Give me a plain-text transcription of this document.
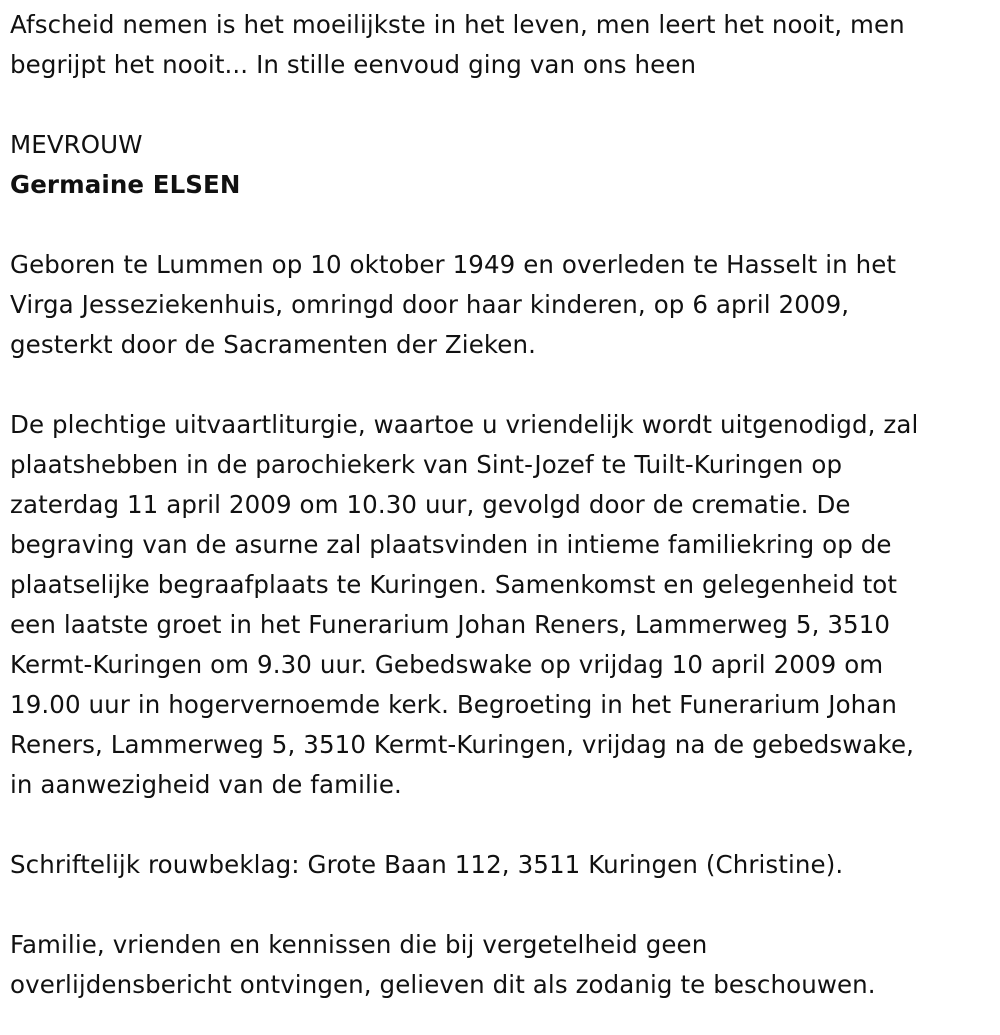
Afscheid nemen is het moeilijkste in het leven, men leert het nooit, men
begrijpt het nooit... In stille eenvoud ging van ons heen
MEVROUW
Germaine ELSEN
Geboren te Lummen op 10 oktober 1949 en overleden te Hasselt in het
Virga Jesseziekenhuis, omringd door haar kinderen, op 6 april 2009,
gesterkt door de Sacramenten der Zieken.
De plechtige uitvaartliturgie, waartoe u vriendelijk wordt uitgenodigd, zal
plaatshebben in de parochiekerk van Sint-Jozef te Tuilt-Kuringen op
zaterdag 11 april 2009 om 10.30 uur, gevolgd door de crematie. De
begraving van de asurne zal plaatsvinden in intieme familiekring op de
plaatselijke begraafplaats te Kuringen. Samenkomst en gelegenheid tot
een laatste groet in het Funerarium Johan Reners, Lammerweg 5, 3510
Kermt-Kuringen om 9.30 uur. Gebedswake op vrijdag 10 april 2009 om
19.00 uur in hogervernoemde kerk. Begroeting in het Funerarium Johan
Reners, Lammerweg 5, 3510 Kermt-Kuringen, vrijdag na de gebedswake,
in aanwezigheid van de familie.
Schriftelijk rouwbeklag: Grote Baan 112, 3511 Kuringen (Christine).
Familie, vrienden en kennissen die bij vergetelheid geen
overlijdensbericht ontvingen, gelieven dit als zodanig te beschouwen.
